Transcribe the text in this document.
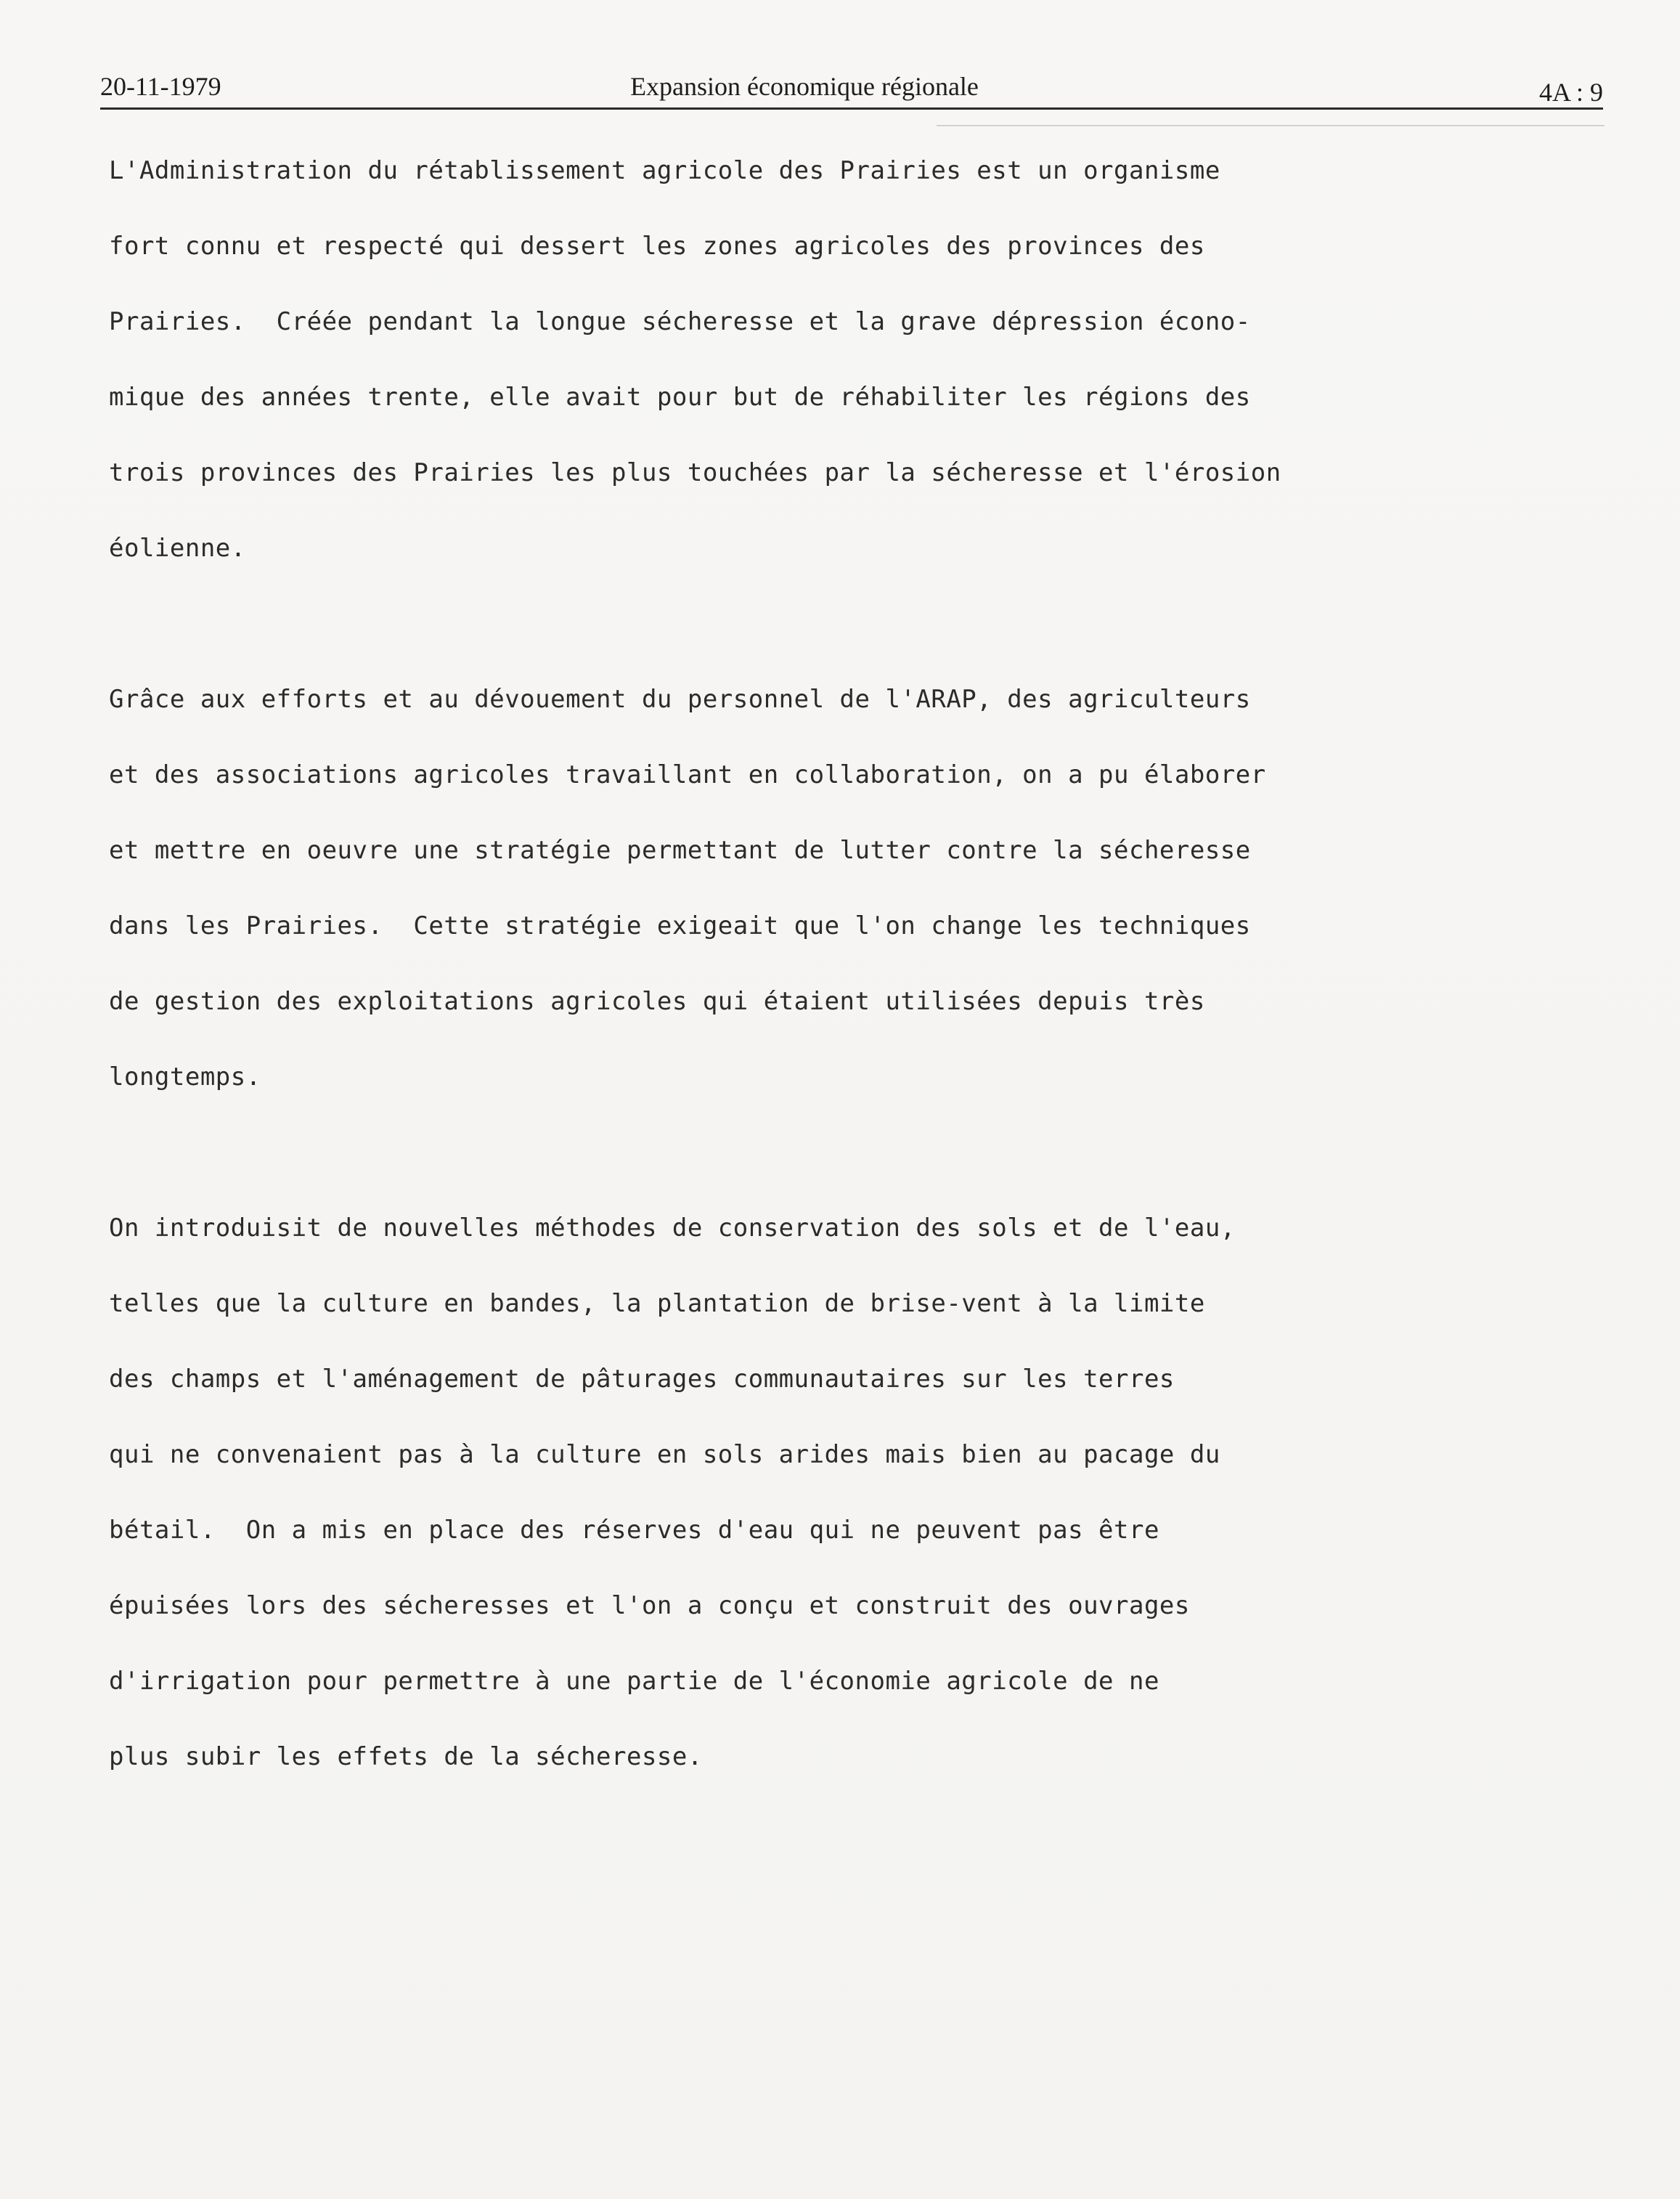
20-11-1979	Expansion économique régionale	4A : 9
L'Administration du rétablissement agricole des Prairies est un organisme
fort connu et respecté qui dessert les zones agricoles des provinces des
Prairies.  Créée pendant la longue sécheresse et la grave dépression écono-
mique des années trente, elle avait pour but de réhabiliter les régions des
trois provinces des Prairies les plus touchées par la sécheresse et l'érosion
éolienne.
Grâce aux efforts et au dévouement du personnel de l'ARAP, des agriculteurs
et des associations agricoles travaillant en collaboration, on a pu élaborer
et mettre en oeuvre une stratégie permettant de lutter contre la sécheresse
dans les Prairies.  Cette stratégie exigeait que l'on change les techniques
de gestion des exploitations agricoles qui étaient utilisées depuis très
longtemps.
On introduisit de nouvelles méthodes de conservation des sols et de l'eau,
telles que la culture en bandes, la plantation de brise-vent à la limite
des champs et l'aménagement de pâturages communautaires sur les terres
qui ne convenaient pas à la culture en sols arides mais bien au pacage du
bétail.  On a mis en place des réserves d'eau qui ne peuvent pas être
épuisées lors des sécheresses et l'on a conçu et construit des ouvrages
d'irrigation pour permettre à une partie de l'économie agricole de ne
plus subir les effets de la sécheresse.
